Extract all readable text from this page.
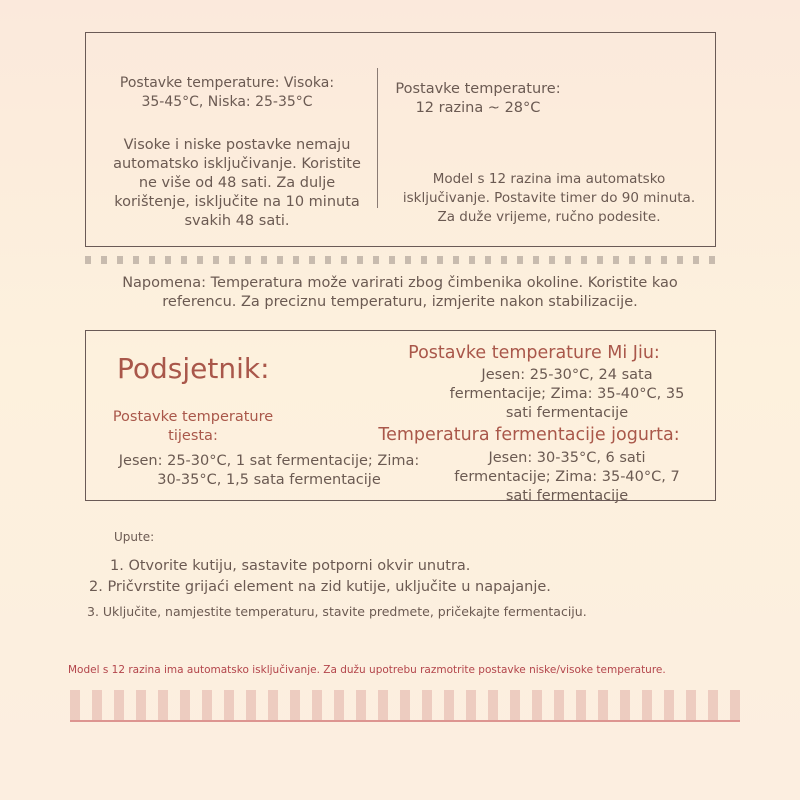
Postavke temperature: Visoka: 35-45°C, Niska: 25-35°C
Visoke i niske postavke nemaju automatsko isključivanje. Koristite ne više od 48 sati. Za dulje korištenje, isključite na 10 minuta svakih 48 sati.
Postavke temperature: 12 razina ~ 28°C
Model s 12 razina ima automatsko isključivanje. Postavite timer do 90 minuta. Za duže vrijeme, ručno podesite.
Napomena: Temperatura može varirati zbog čimbenika okoline. Koristite kao referencu. Za preciznu temperaturu, izmjerite nakon stabilizacije.
Podsjetnik:
Postavke temperature tijesta:
Jesen: 25-30°C, 1 sat fermentacije; Zima: 30-35°C, 1,5 sata fermentacije
Postavke temperature Mi Jiu:
Jesen: 25-30°C, 24 sata fermentacije; Zima: 35-40°C, 35 sati fermentacije
Temperatura fermentacije jogurta:
Jesen: 30-35°C, 6 sati fermentacije; Zima: 35-40°C, 7 sati fermentacije
Upute:
1. Otvorite kutiju, sastavite potporni okvir unutra.
2. Pričvrstite grijaći element na zid kutije, uključite u napajanje.
3. Uključite, namjestite temperaturu, stavite predmete, pričekajte fermentaciju.
Model s 12 razina ima automatsko isključivanje. Za dužu upotrebu razmotrite postavke niske/visoke temperature.
